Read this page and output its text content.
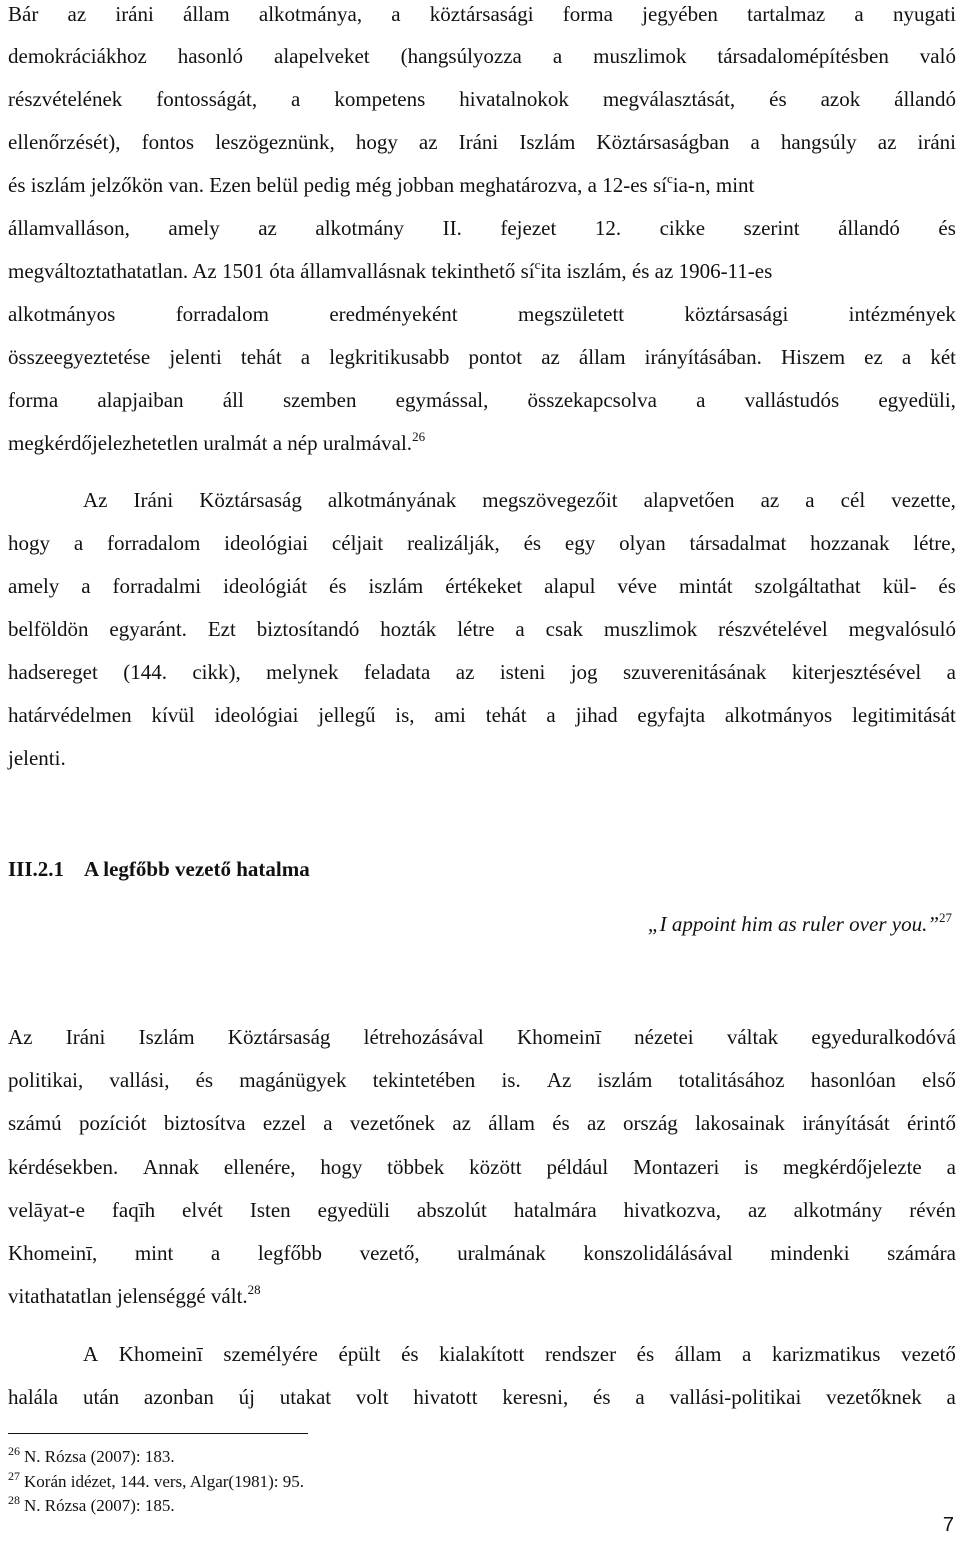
Bár az iráni állam alkotmánya, a köztársasági forma jegyében tartalmaz a nyugati
demokráciákhoz hasonló alapelveket (hangsúlyozza a muszlimok társadalomépítésben való
részvételének fontosságát, a kompetens hivatalnokok megválasztását, és azok állandó
ellenőrzését), fontos leszögeznünk, hogy az Iráni Iszlám Köztársaságban a hangsúly az iráni
és iszlám jelzőkön van. Ezen belül pedig még jobban meghatározva, a 12-es $sí^cia-n$, mint
államvalláson, amely az alkotmány II. fejezet 12. cikke szerint állandó és
megváltoztathatatlan. Az 1501 óta államvallásnak tekinthető $sí^cita$ iszlám, és az 1906-11-es
alkotmányos	forradalom	eredményeként	megszületett	köztársasági	intézmények
összeegyeztetése jelenti tehát a legkritikusabb pontot az állam irányításában. Hiszem ez a két
forma alapjaiban áll szemben egymással, összekapcsolva a vallástudós egyedüli,
megkérdőjelezhetetlen uralmát a nép uralmával.$^{26}$
Az Iráni Köztársaság alkotmányának megszövegezőit alapvetően az a cél vezette,
hogy a forradalom ideológiai céljait realizálják, és egy olyan társadalmat hozzanak létre,
amely a forradalmi ideológiát és iszlám értékeket alapul véve mintát szolgáltathat kül- és
belföldön egyaránt. Ezt biztosítandó hozták létre a csak muszlimok részvételével megvalósuló
hadsereget (144. cikk), melynek feladata az isteni jog szuverenitásának kiterjesztésével a
határvédelmen kívül ideológiai jellegű is, ami tehát a jihad egyfajta alkotmányos legitimitását
jelenti.
III.2.1 A legfőbb vezető hatalma
„I appoint him as ruler over you.”$^{27}$
Az Iráni Iszlám Köztársaság létrehozásával Khomeinī nézetei váltak egyeduralkodóvá
politikai, vallási, és magánügyek tekintetében is. Az iszlám totalitásához hasonlóan első
számú pozíciót biztosítva ezzel a vezetőnek az állam és az ország lakosainak irányítását érintő
kérdésekben. Annak ellenére, hogy többek között például Montazeri is megkérdőjelezte a
velāyat-e faqīh elvét Isten egyedüli abszolút hatalmára hivatkozva, az alkotmány révén
Khomeinī, mint a legfőbb vezető, uralmának konszolidálásával mindenki számára
vitathatatlan jelenséggé vált.$^{28}$
A Khomeinī személyére épült és kialakított rendszer és állam a karizmatikus vezető
halála után azonban új utakat volt hivatott keresni, és a vallási-politikai vezetőknek a
$^{26}$ N. Rózsa (2007): 183.
$^{27}$ Korán idézet, 144. vers, Algar(1981): 95.
$^{28}$ N. Rózsa (2007): 185.
7
